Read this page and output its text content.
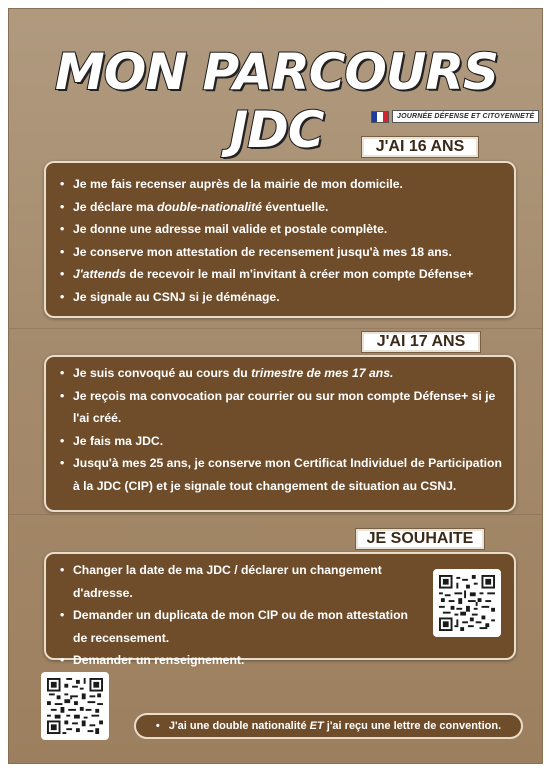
MON PARCOURS JDC	JOURNÉE DÉFENSE ET CITOYENNETÉ
J'AI 16 ANS
• Je me fais recenser auprès de la mairie de mon domicile.
• Je déclare ma double-nationalité éventuelle.
• Je donne une adresse mail valide et postale complète.
• Je conserve mon attestation de recensement jusqu'à mes 18 ans.
• J'attends de recevoir le mail m'invitant à créer mon compte Défense+
• Je signale au CSNJ si je déménage.
J'AI 17 ANS
• Je suis convoqué au cours du trimestre de mes 17 ans.
• Je reçois ma convocation par courrier ou sur mon compte Défense+ si je l'ai créé.
• Je fais ma JDC.
• Jusqu'à mes 25 ans, je conserve mon Certificat Individuel de Participation à la JDC (CIP) et je signale tout changement de situation au CSNJ.
JE SOUHAITE
• Changer la date de ma JDC / déclarer un changement d'adresse.
• Demander un duplicata de mon CIP ou de mon attestation de recensement.
• Demander un renseignement.
•   J'ai une double nationalité ET j'ai reçu une lettre de convention.
